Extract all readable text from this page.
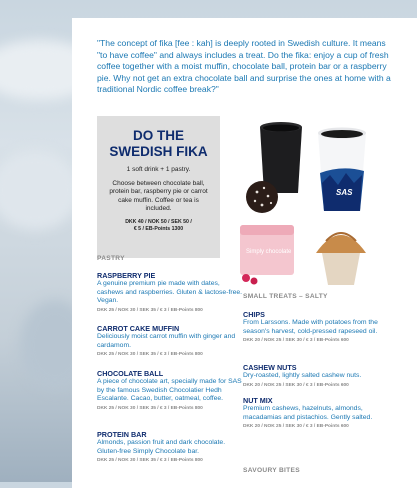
"The concept of fika [fee : kah] is deeply rooted in Swedish culture. It means "to have coffee" and always includes a treat. Do the fika: enjoy a cup of fresh coffee together with a moist muffin, chocolate ball, protein bar or a raspberry pie. Why not get an extra chocolate ball and surprise the ones at home with a traditional Nordic coffee break?"
DO THE
SWEDISH FIKA
1 soft drink + 1 pastry.
Choose between chocolate ball, protein bar, raspberry pie or carrot cake muffin. Coffee or tea is included.
DKK 40 / NOK 50 / SEK 50 /
€ 5 / EB-Points 1300
SAS
Simply chocolate
PASTRY
RASPBERRY PIE
A genuine premium pie made with dates, cashews and raspberries. Gluten & lactose-free. Vegan.
DKK 25 / NOK 30 / SEK 35 / € 3 / EB-Points 800
CARROT CAKE MUFFIN
Deliciously moist carrot muffin with ginger and cardamom.
DKK 25 / NOK 30 / SEK 35 / € 3 / EB-Points 800
CHOCOLATE BALL
A piece of chocolate art, specially made for SAS by the famous Swedish Chocolatier Hedh Escalante. Cacao, butter, oatmeal, coffee.
DKK 25 / NOK 30 / SEK 35 / € 3 / EB-Points 800
PROTEIN BAR
Almonds, passion fruit and dark chocolate. Gluten-free Simply Chocolate bar.
DKK 25 / NOK 30 / SEK 35 / € 3 / EB-Points 800
SMALL TREATS – SALTY
CHIPS
From Larssons. Made with potatoes from the season's harvest, cold-pressed rapeseed oil.
DKK 20 / NOK 25 / SEK 30 / € 3 / EB-Points 600
CASHEW NUTS
Dry-roasted, lightly salted cashew nuts.
DKK 20 / NOK 25 / SEK 30 / € 3 / EB-Points 600
NUT MIX
Premium cashews, hazelnuts, almonds, macadamias and pistachios. Gently salted.
DKK 20 / NOK 25 / SEK 30 / € 3 / EB-Points 600
SAVOURY BITES
